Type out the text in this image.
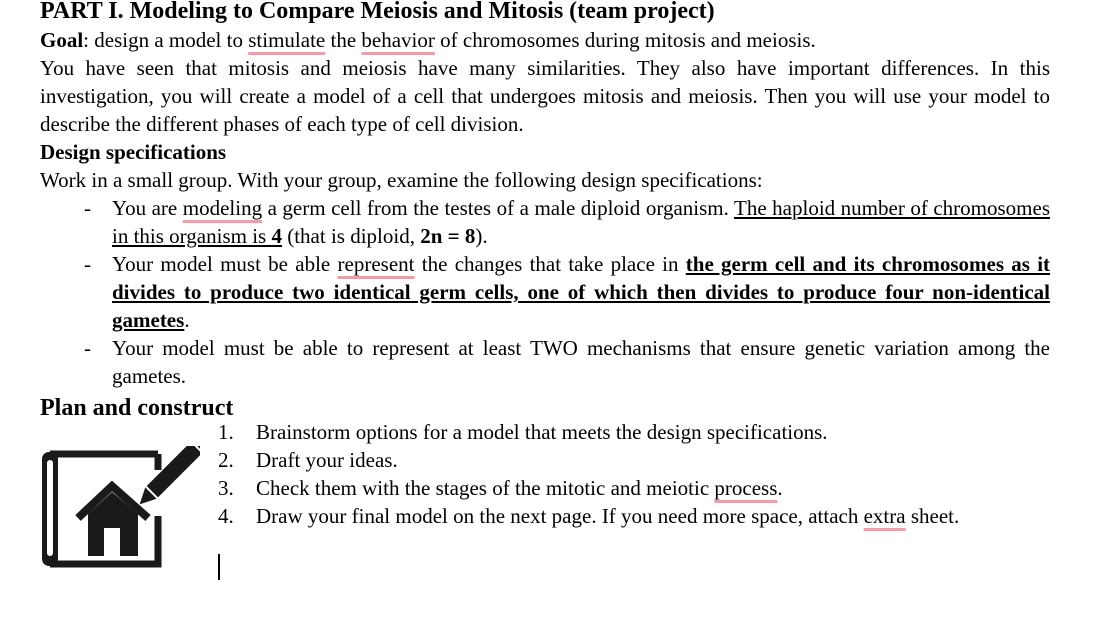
PART I. Modeling to Compare Meiosis and Mitosis (team project)

Goal: design a model to stimulate the behavior of chromosomes during mitosis and meiosis.

You have seen that mitosis and meiosis have many similarities. They also have important differences. In this investigation, you will create a model of a cell that undergoes mitosis and meiosis. Then you will use your model to describe the different phases of each type of cell division.

Design specifications

Work in a small group. With your group, examine the following design specifications:

- You are modeling a germ cell from the testes of a male diploid organism. The haploid number of chromosomes in this organism is 4 (that is diploid, 2n = 8).
- Your model must be able represent the changes that take place in the germ cell and its chromosomes as it divides to produce two identical germ cells, one of which then divides to produce four non-identical gametes.
- Your model must be able to represent at least TWO mechanisms that ensure genetic variation among the gametes.
Plan and construct
1. Brainstorm options for a model that meets the design specifications.
2. Draft your ideas.
3. Check them with the stages of the mitotic and meiotic process.
4. Draw your final model on the next page. If you need more space, attach extra sheet.
